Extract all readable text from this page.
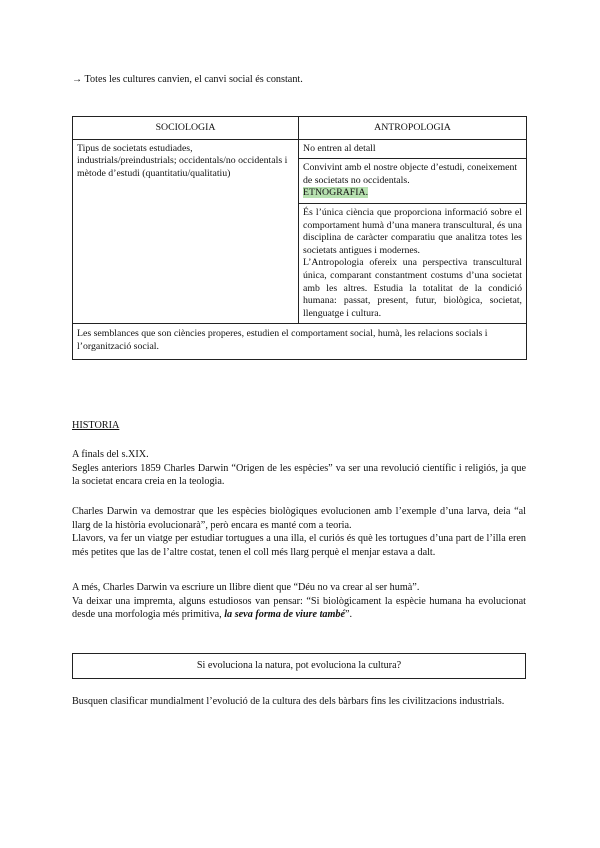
→ Totes les cultures canvien, el canvi social és constant.
SOCIOLOGIA	ANTROPOLOGIA
Tipus de societats estudiades, industrials/preindustrials; occidentals/no occidentals i mètode d’estudi (quantitatiu/qualitatiu)	No entren al detall
	Convivint amb el nostre objecte d’estudi, coneixement de societats no occidentals.
ETNOGRAFIA.

	És l’única ciència que proporciona informació sobre el comportament humà d’una manera transcultural, és una disciplina de caràcter comparatiu que analitza totes les societats antigues i modernes.
L’Antropologia ofereix una perspectiva transcultural única, comparant constantment costums d’una societat amb les altres. Estudia la totalitat de la condició humana: passat, present, futur, biològica, societat, llenguatge i cultura.

Les semblances que son ciències properes, estudien el comportament social, humà, les relacions socials i l’organització social.	
HISTORIA

A finals del s.XIX.

Segles anteriors 1859 Charles Darwin “Origen de les espècies” va ser una revolució científic i religiós, ja que la societat encara creia en la teologia.

Charles Darwin va demostrar que les espècies biològiques evolucionen amb l’exemple d’una larva, deia “al llarg de la història evolucionarà”, però encara es manté com a teoria.

Llavors, va fer un viatge per estudiar tortugues a una illa, el curiós és què les tortugues d’una part de l’illa eren més petites que las de l’altre costat, tenen el coll més llarg perquè el menjar estava a dalt.

A més, Charles Darwin va escriure un llibre dient que “Déu no va crear al ser humà”.

Va deixar una impremta, alguns estudiosos van pensar: “Si biològicament la espècie humana ha evolucionat desde una morfologia més primitiva, la seva forma de viure també”.

Si evoluciona la natura, pot evoluciona la cultura?
Busquen clasificar mundialment l’evolució de la cultura des dels bàrbars fins les civilitzacions industrials.
